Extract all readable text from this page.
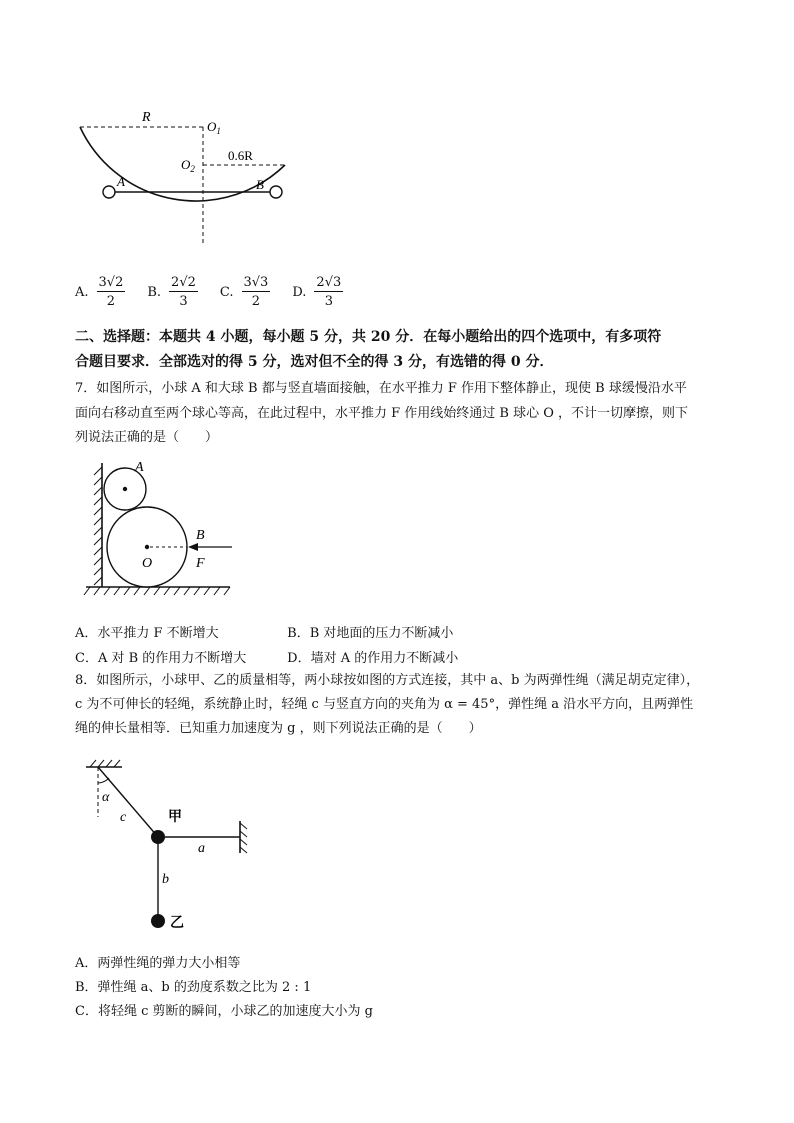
R
$O_1$
$O_2$
0.6R
A	B
A. $\frac{3√2}{2} B$. $\frac{2√2}{3} C$. $\frac{3√3}{2} D$. $\frac{2√3}{3}$
二、选择题：本题共 4 小题，每小题 5 分，共 20 分．在每小题给出的四个选项中，有多项符
合题目要求．全部选对的得 5 分，选对但不全的得 3 分，有选错的得 0 分．
7．如图所示，小球 A 和大球 B 都与竖直墙面接触，在水平推力 F 作用下整体静止，现使 B 球缓慢沿水平
面向右移动直至两个球心等高，在此过程中，水平推力 F 作用线始终通过 B 球心 O ，不计一切摩擦，则下
列说法正确的是（　　）
A
B
O	F
A．水平推力 F 不断增大	B．B 对地面的压力不断减小
C．A 对 B 的作用力不断增大	D．墙对 A 的作用力不断减小
8．如图所示，小球甲、乙的质量相等，两小球按如图的方式连接，其中 a、b 为两弹性绳（满足胡克定律），
c 为不可伸长的轻绳，系统静止时，轻绳 c 与竖直方向的夹角为 α = 45°，弹性绳 a 沿水平方向，且两弹性
绳的伸长量相等．已知重力加速度为 g ，则下列说法正确的是（　　）
α
c	甲
a
b
乙
A．两弹性绳的弹力大小相等
B．弹性绳 a、b 的劲度系数之比为 2 : 1
C．将轻绳 c 剪断的瞬间，小球乙的加速度大小为 g
